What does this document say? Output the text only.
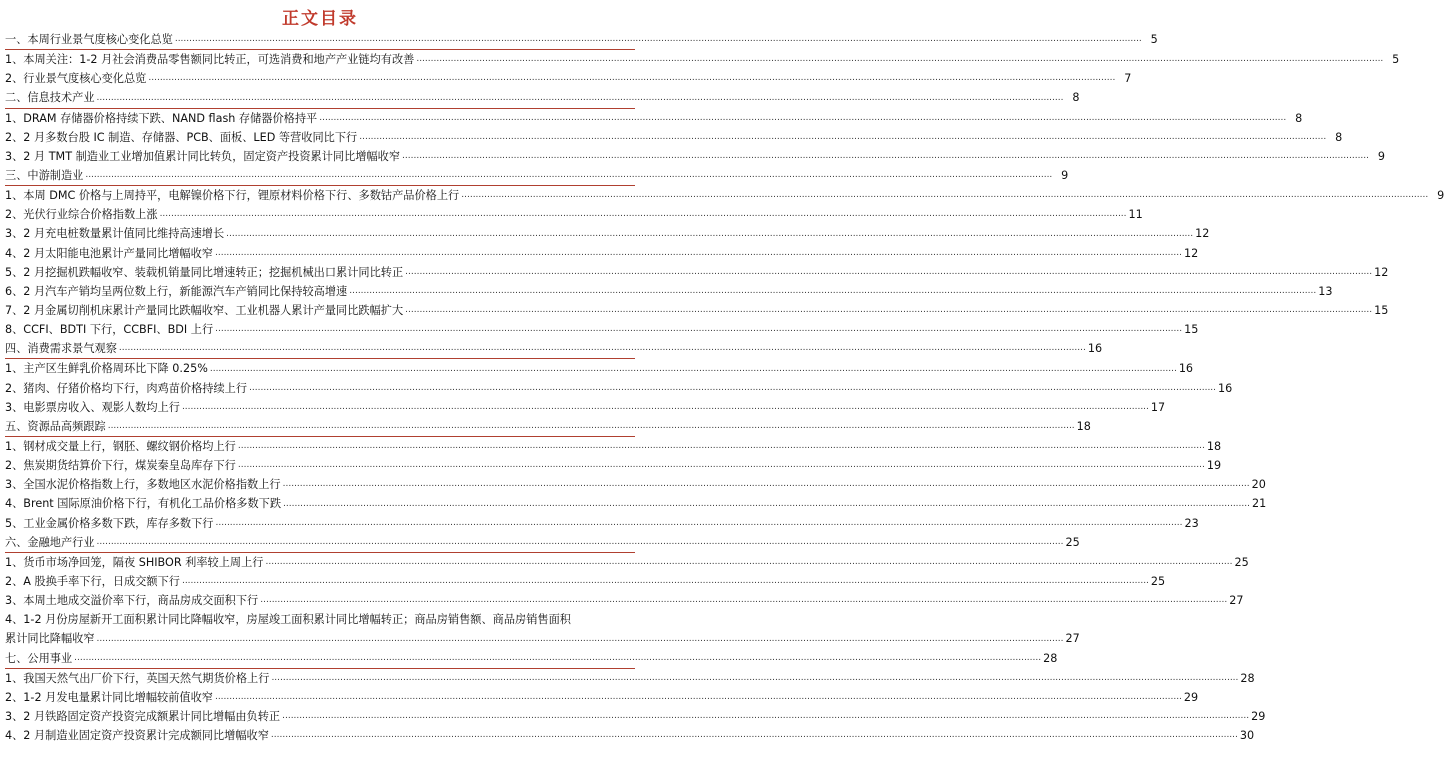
正文目录
一、本周行业景气度核心变化总览 .....	5
1、本周关注：1-2 月社会消费品零售额同比转正，可选消费和地产产业链均有改善 .....	5
2、行业景气度核心变化总览 .....	7
二、信息技术产业 .....	8
1、DRAM 存储器价格持续下跌、NAND flash 存储器价格持平 .....	8
2、2 月多数台股 IC 制造、存储器、PCB、面板、LED 等营收同比下行 .....	8
3、2 月 TMT 制造业工业增加值累计同比转负，固定资产投资累计同比增幅收窄 .....	9
三、中游制造业 .....	9
1、本周 DMC 价格与上周持平，电解镍价格下行，锂原材料价格下行、多数钴产品价格上行 .....	9
2、光伏行业综合价格指数上涨 .....	11
3、2 月充电桩数量累计值同比维持高速增长 .....	12
4、2 月太阳能电池累计产量同比增幅收窄 .....	12
5、2 月挖掘机跌幅收窄、装载机销量同比增速转正；挖掘机械出口累计同比转正 .....	12
6、2 月汽车产销均呈两位数上行，新能源汽车产销同比保持较高增速 .....	13
7、2 月金属切削机床累计产量同比跌幅收窄、工业机器人累计产量同比跌幅扩大 .....	15
8、CCFI、BDTI 下行，CCBFI、BDI 上行 .....	15
四、消费需求景气观察 .....	16
1、主产区生鲜乳价格周环比下降 0.25% .....	16
2、猪肉、仔猪价格均下行，肉鸡苗价格持续上行 .....	16
3、电影票房收入、观影人数均上行 .....	17
五、资源品高频跟踪 .....	18
1、钢材成交量上行，钢胚、螺纹钢价格均上行 .....	18
2、焦炭期货结算价下行，煤炭秦皇岛库存下行 .....	19
3、全国水泥价格指数上行，多数地区水泥价格指数上行 .....	20
4、Brent 国际原油价格下行，有机化工品价格多数下跌 .....	21
5、工业金属价格多数下跌，库存多数下行 .....	23
六、金融地产行业 .....	25
1、货币市场净回笼，隔夜 SHIBOR 利率较上周上行 .....	25
2、A 股换手率下行，日成交额下行 .....	25
3、本周土地成交溢价率下行，商品房成交面积下行 .....	27
4、1-2 月份房屋新开工面积累计同比降幅收窄，房屋竣工面积累计同比增幅转正；商品房销售额、商品房销售面积
累计同比降幅收窄 .....	27
七、公用事业 .....	28
1、我国天然气出厂价下行，英国天然气期货价格上行 .....	28
2、1-2 月发电量累计同比增幅较前值收窄 .....	29
3、2 月铁路固定资产投资完成额累计同比增幅由负转正 .....	29
4、2 月制造业固定资产投资累计完成额同比增幅收窄 .....	30
